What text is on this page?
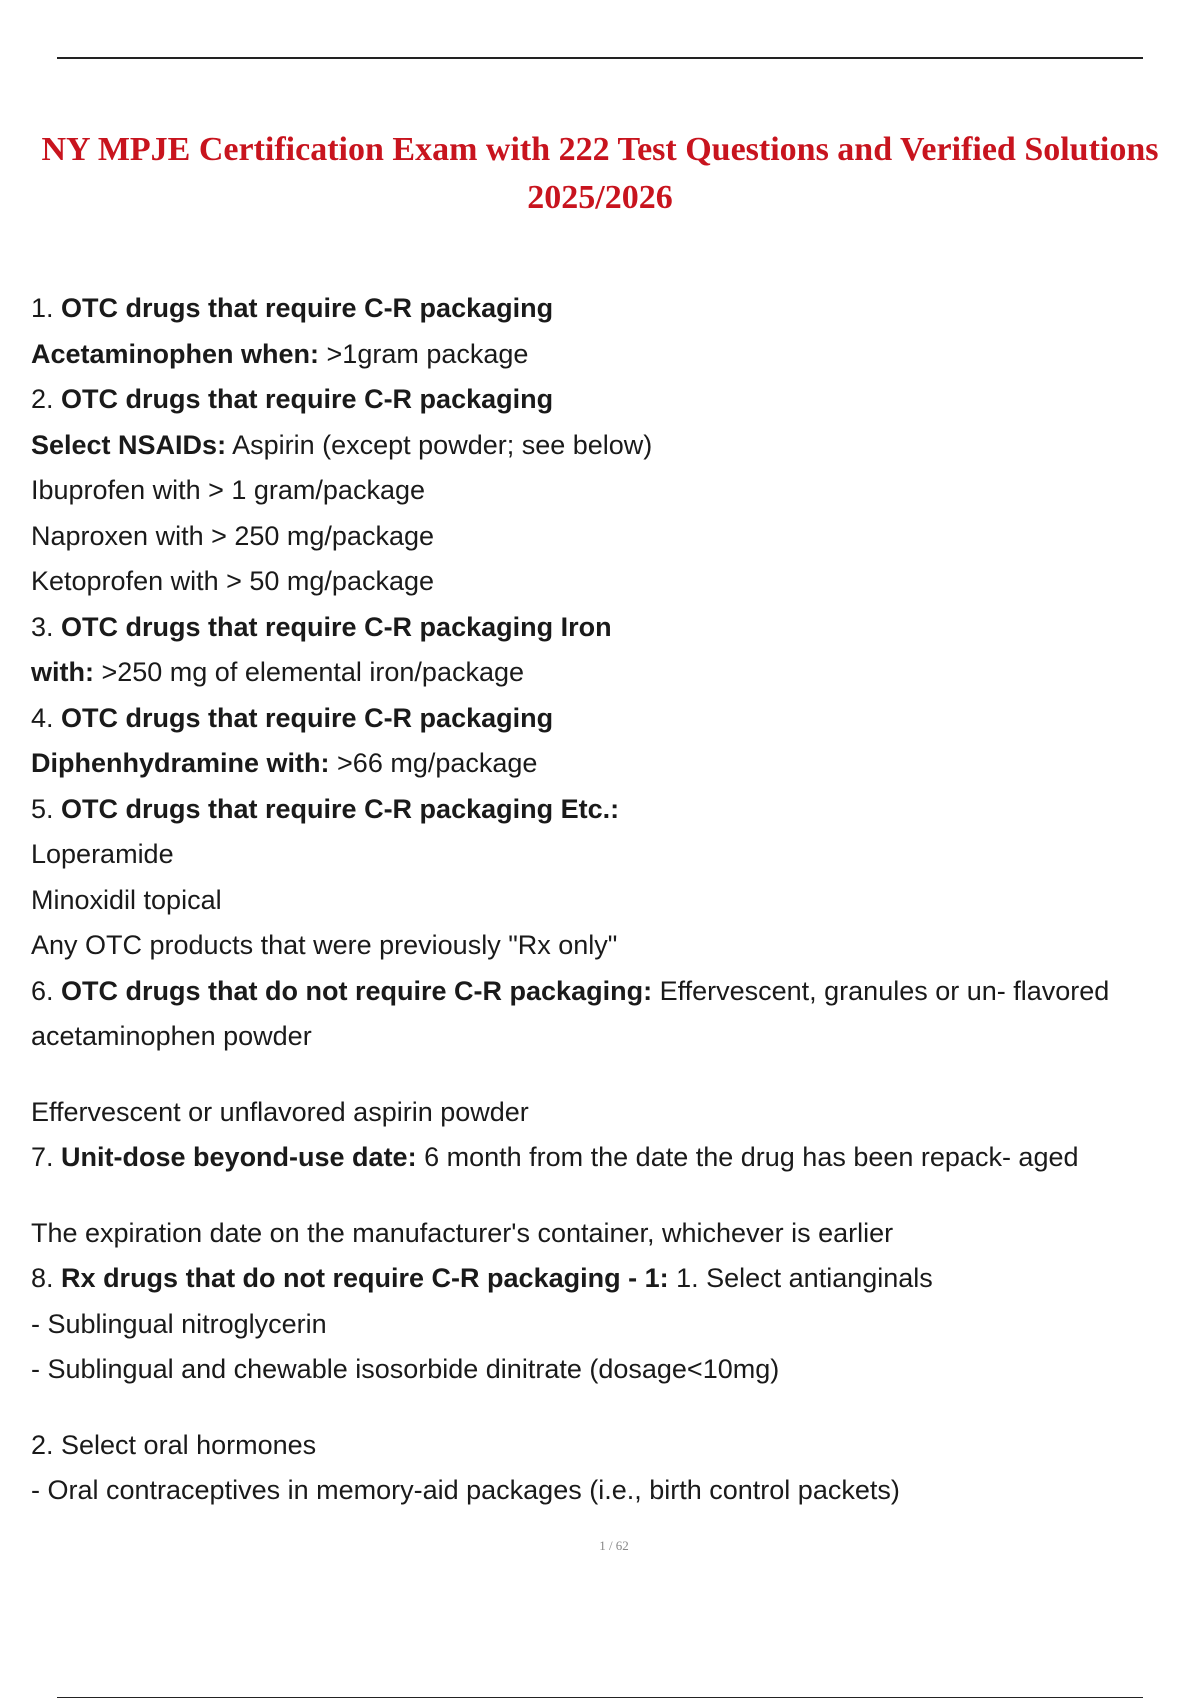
NY MPJE Certification Exam with 222 Test Questions and Verified Solutions
2025/2026

1. OTC drugs that require C-R packaging

Acetaminophen when: >1gram package

2. OTC drugs that require C-R packaging

Select NSAIDs: Aspirin (except powder; see below)

Ibuprofen with > 1 gram/package

Naproxen with > 250 mg/package

Ketoprofen with > 50 mg/package

3. OTC drugs that require C-R packaging Iron

with: >250 mg of elemental iron/package

4. OTC drugs that require C-R packaging

Diphenhydramine with: >66 mg/package

5. OTC drugs that require C-R packaging Etc.:

Loperamide

Minoxidil topical

Any OTC products that were previously "Rx only"

6. OTC drugs that do not require C-R packaging: Effervescent, granules or un- flavored

acetaminophen powder

Effervescent or unflavored aspirin powder

7. Unit-dose beyond-use date: 6 month from the date the drug has been repack- aged

The expiration date on the manufacturer's container, whichever is earlier

8. Rx drugs that do not require C-R packaging - 1: 1. Select antianginals

- Sublingual nitroglycerin

- Sublingual and chewable isosorbide dinitrate (dosage<10mg)

2. Select oral hormones

- Oral contraceptives in memory-aid packages (i.e., birth control packets)

1 / 62
